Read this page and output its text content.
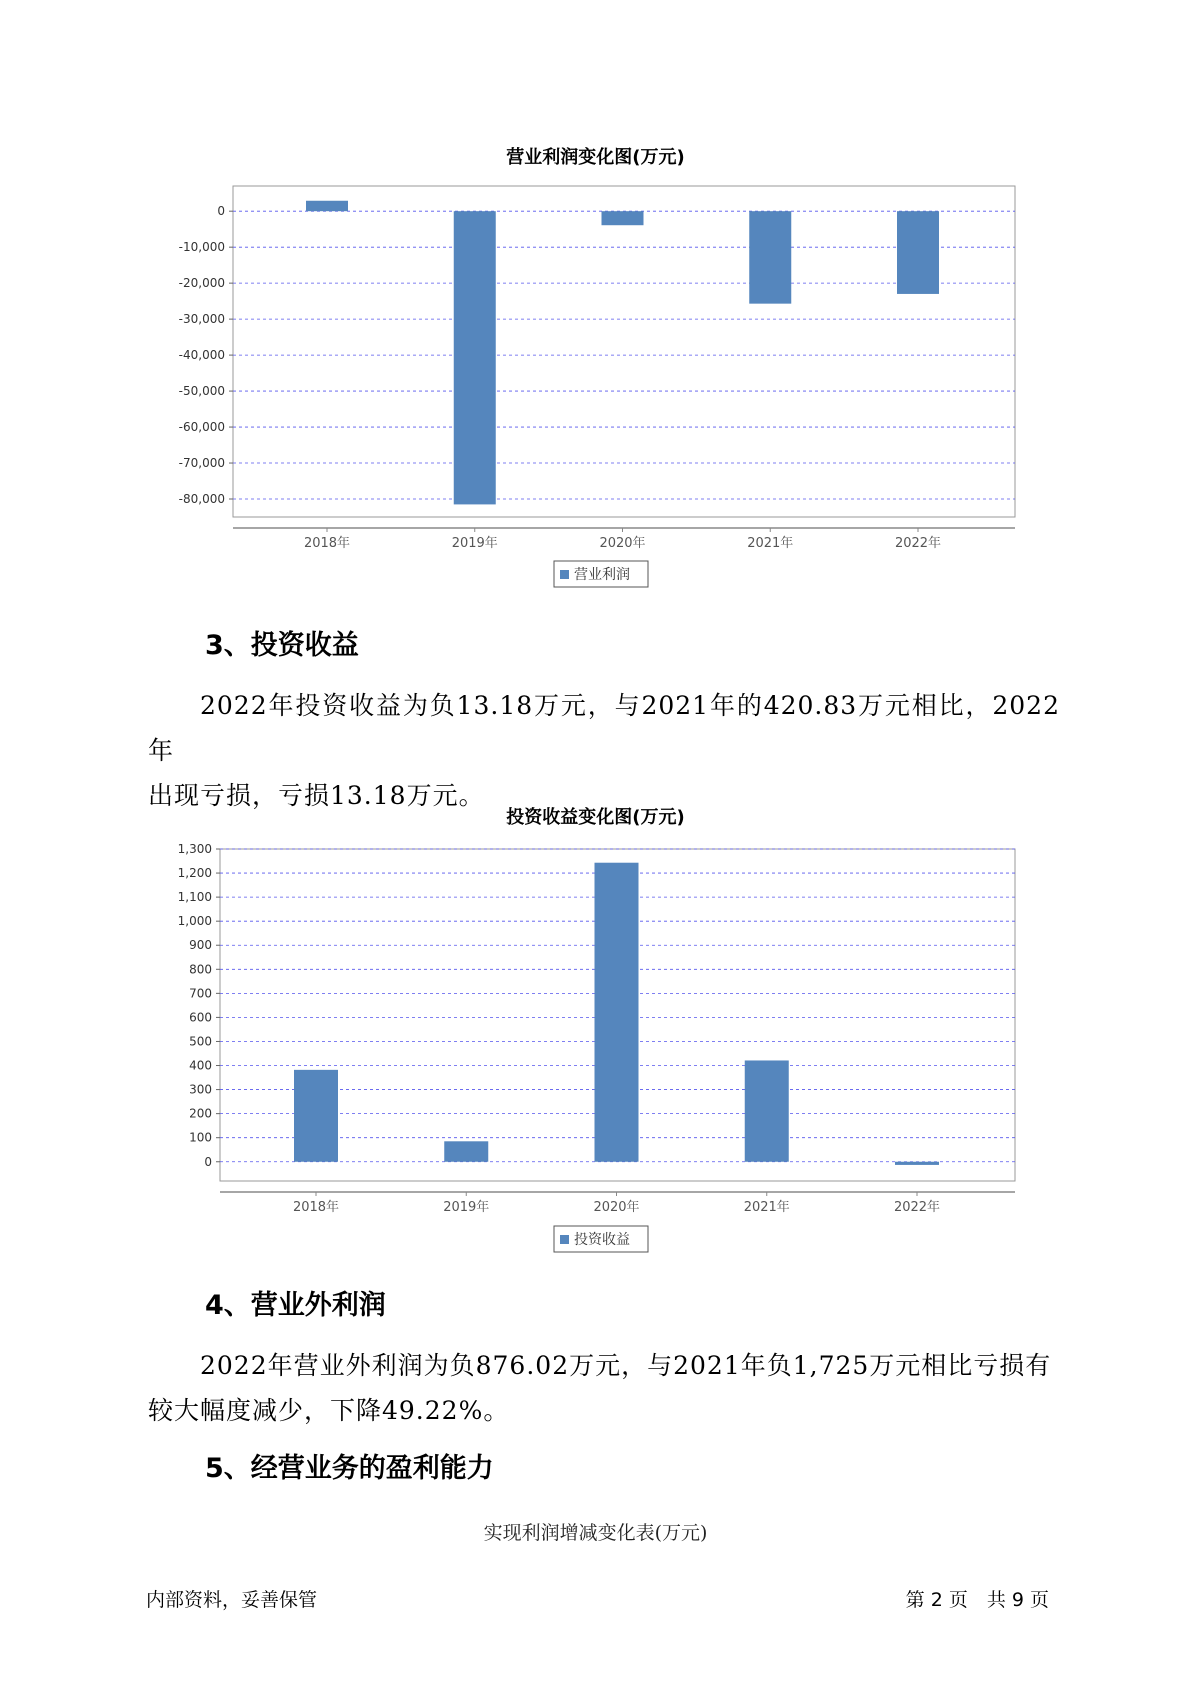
营业利润变化图(万元)
0
-10,000
-20,000
-30,000
-40,000
-50,000
-60,000
-70,000
-80,000
2018年	2019年	2020年	2021年	2022年
营业利润
3、投资收益
2022年投资收益为负13.18万元，与2021年的420.83万元相比，2022年
出现亏损，亏损13.18万元。
投资收益变化图(万元)
1,300
1,200
1,100
1,000
900
800
700
600
500
400
300
200
100
0
2018年	2019年	2020年	2021年	2022年
投资收益
4、营业外利润
2022年营业外利润为负876.02万元，与2021年负1,725万元相比亏损有
较大幅度减少，下降49.22%。
5、经营业务的盈利能力
实现利润增减变化表(万元)
内部资料，妥善保管	第 2 页　共 9 页
